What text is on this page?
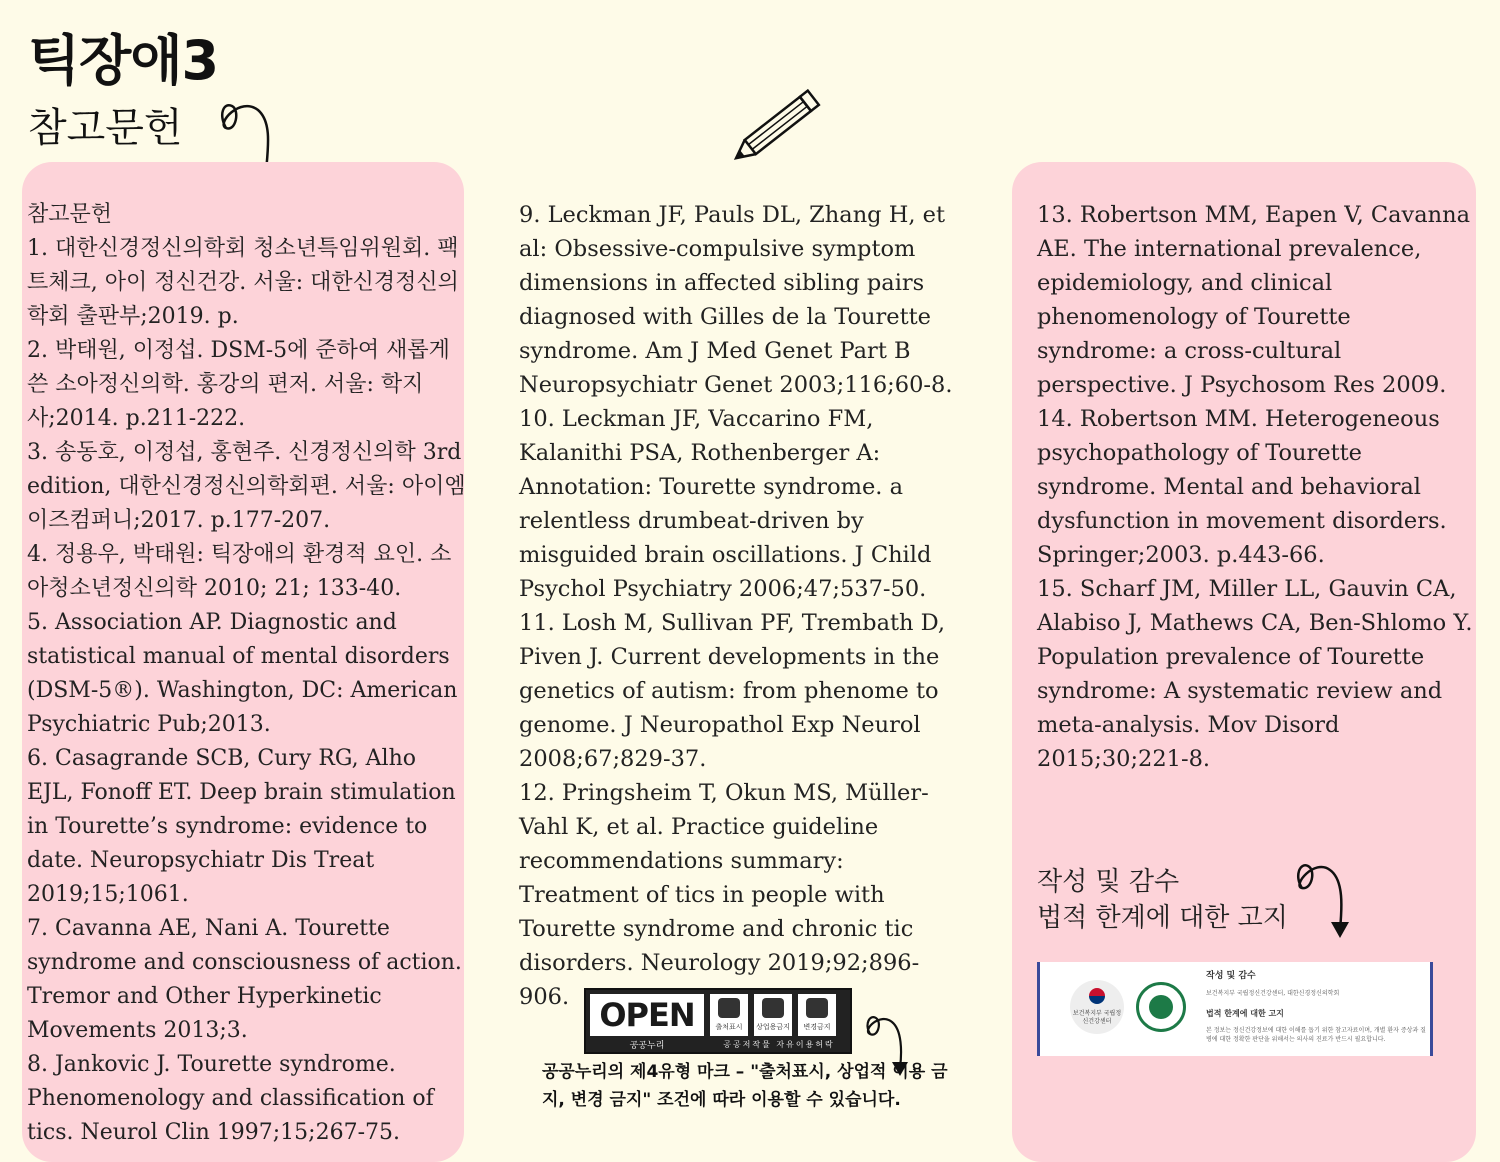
틱장애3
참고문헌

참고문헌

1. 대한신경정신의학회 청소년특임위원회. 팩트체크, 아이 정신건강. 서울: 대한신경정신의학회 출판부;2019. p.

2. 박태원, 이정섭. DSM-5에 준하여 새롭게 쓴 소아정신의학. 홍강의 편저. 서울: 학지사;2014. p.211-222.

3. 송동호, 이정섭, 홍현주. 신경정신의학 3rd edition, 대한신경정신의학회편. 서울: 아이엠이즈컴퍼니;2017. p.177-207.

4. 정용우, 박태원: 틱장애의 환경적 요인. 소아청소년정신의학 2010; 21; 133-40.

5. Association AP. Diagnostic and statistical manual of mental disorders (DSM-5®). Washington, DC: American Psychiatric Pub;2013.

6. Casagrande SCB, Cury RG, Alho EJL, Fonoff ET. Deep brain stimulation in Tourette’s syndrome: evidence to date. Neuropsychiatr Dis Treat 2019;15;1061.

7. Cavanna AE, Nani A. Tourette syndrome and consciousness of action. Tremor and Other Hyperkinetic Movements 2013;3.

8. Jankovic J. Tourette syndrome. Phenomenology and classification of tics. Neurol Clin 1997;15;267-75.

9. Leckman JF, Pauls DL, Zhang H, et al: Obsessive-compulsive symptom dimensions in affected sibling pairs diagnosed with Gilles de la Tourette syndrome. Am J Med Genet Part B Neuropsychiatr Genet 2003;116;60-8.

10. Leckman JF, Vaccarino FM, Kalanithi PSA, Rothenberger A: Annotation: Tourette syndrome. a relentless drumbeat-driven by misguided brain oscillations. J Child Psychol Psychiatry 2006;47;537-50.

11. Losh M, Sullivan PF, Trembath D, Piven J. Current developments in the genetics of autism: from phenome to genome. J Neuropathol Exp Neurol 2008;67;829-37.

12. Pringsheim T, Okun MS, Müller-Vahl K, et al. Practice guideline recommendations summary: Treatment of tics in people with Tourette syndrome and chronic tic disorders. Neurology 2019;92;896-906.

13. Robertson MM, Eapen V, Cavanna AE. The international prevalence, epidemiology, and clinical phenomenology of Tourette syndrome: a cross-cultural perspective. J Psychosom Res 2009.

14. Robertson MM. Heterogeneous psychopathology of Tourette syndrome. Mental and behavioral dysfunction in movement disorders. Springer;2003. p.443-66.

15. Scharf JM, Miller LL, Gauvin CA, Alabiso J, Mathews CA, Ben-Shlomo Y. Population prevalence of Tourette syndrome: A systematic review and meta-analysis. Mov Disord 2015;30;221-8.

작성 및 감수
법적 한계에 대한 고지
보건복지부 국립정신건강센터
작성 및 감수
보건복지부 국립정신건강센터, 대한신경정신의학회
법적 한계에 대한 고지
본 정보는 정신건강정보에 대한 이해를 돕기 위한 참고자료이며, 개별 환자 증상과 질병에 대한 정확한 판단을 위해서는 의사의 진료가 반드시 필요합니다.
OPEN
공공누리
출처표시	상업용금지	변경금지
공공저작물 자유이용허락
공공누리의 제4유형 마크 – "출처표시, 상업적 이용 금지, 변경 금지" 조건에 따라 이용할 수 있습니다.
